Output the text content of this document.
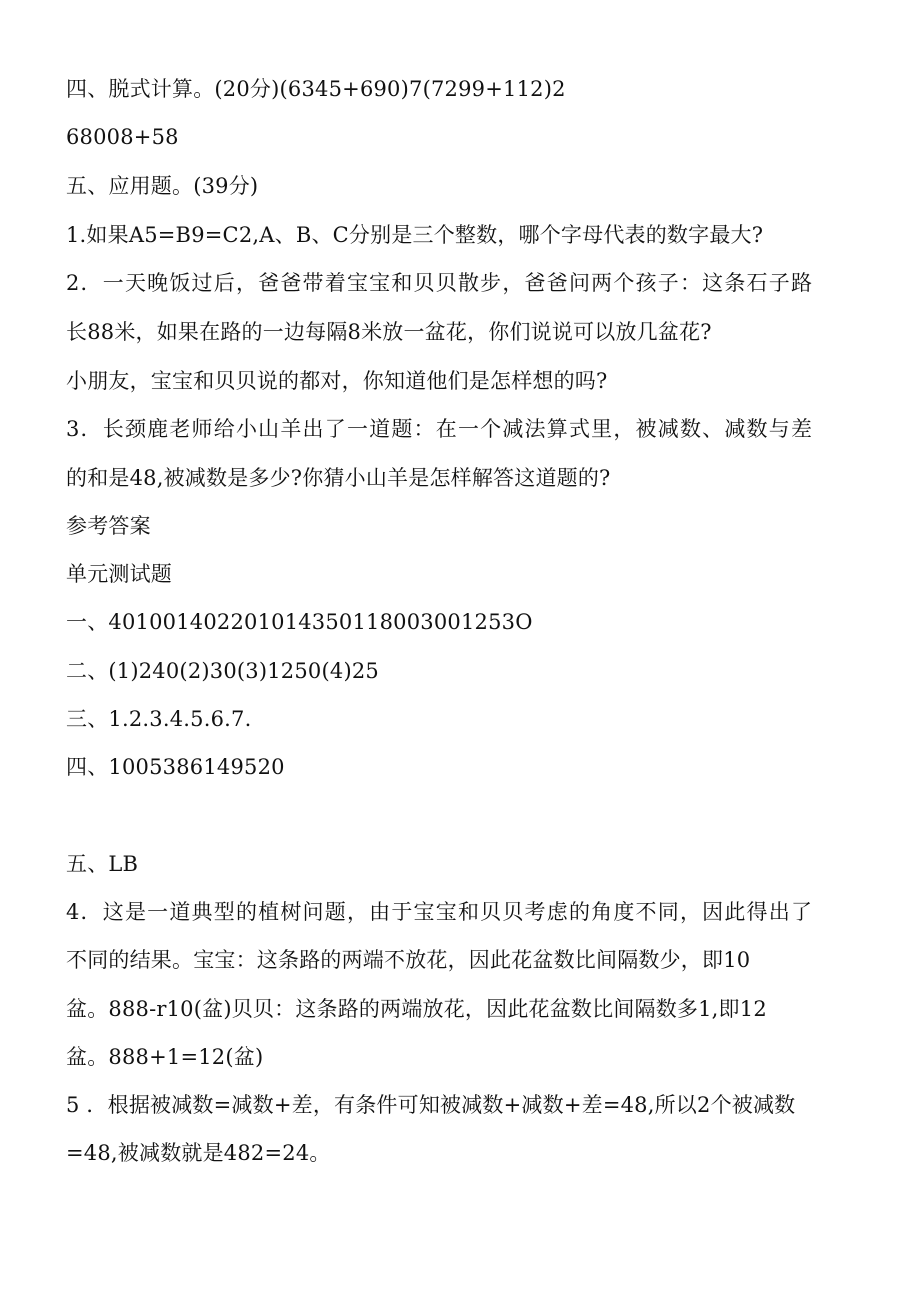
四、脱式计算。(20分)(6345+690)7(7299+112)2
68008+58
五、应用题。(39分)
1.如果A5=B9=C2,A、B、C分别是三个整数，哪个字母代表的数字最大?
2．一天晚饭过后，爸爸带着宝宝和贝贝散步，爸爸问两个孩子：这条石子路
长88米，如果在路的一边每隔8米放一盆花，你们说说可以放几盆花?
小朋友，宝宝和贝贝说的都对，你知道他们是怎样想的吗?
3．长颈鹿老师给小山羊出了一道题：在一个减法算式里，被减数、减数与差
的和是48,被减数是多少?你猜小山羊是怎样解答这道题的?
参考答案
单元测试题
一、401001402201014350118003001253O
二、(1)240(2)30(3)1250(4)25
三、1.2.3.4.5.6.7.
四、1005386149520
五、LB
4．这是一道典型的植树问题，由于宝宝和贝贝考虑的角度不同，因此得出了
不同的结果。宝宝：这条路的两端不放花，因此花盆数比间隔数少，即10
盆。888-r10(盆)贝贝：这条路的两端放花，因此花盆数比间隔数多1,即12
盆。888+1=12(盆)
5 ．根据被减数=减数+差，有条件可知被减数+减数+差=48,所以2个被减数
=48,被减数就是482=24。
